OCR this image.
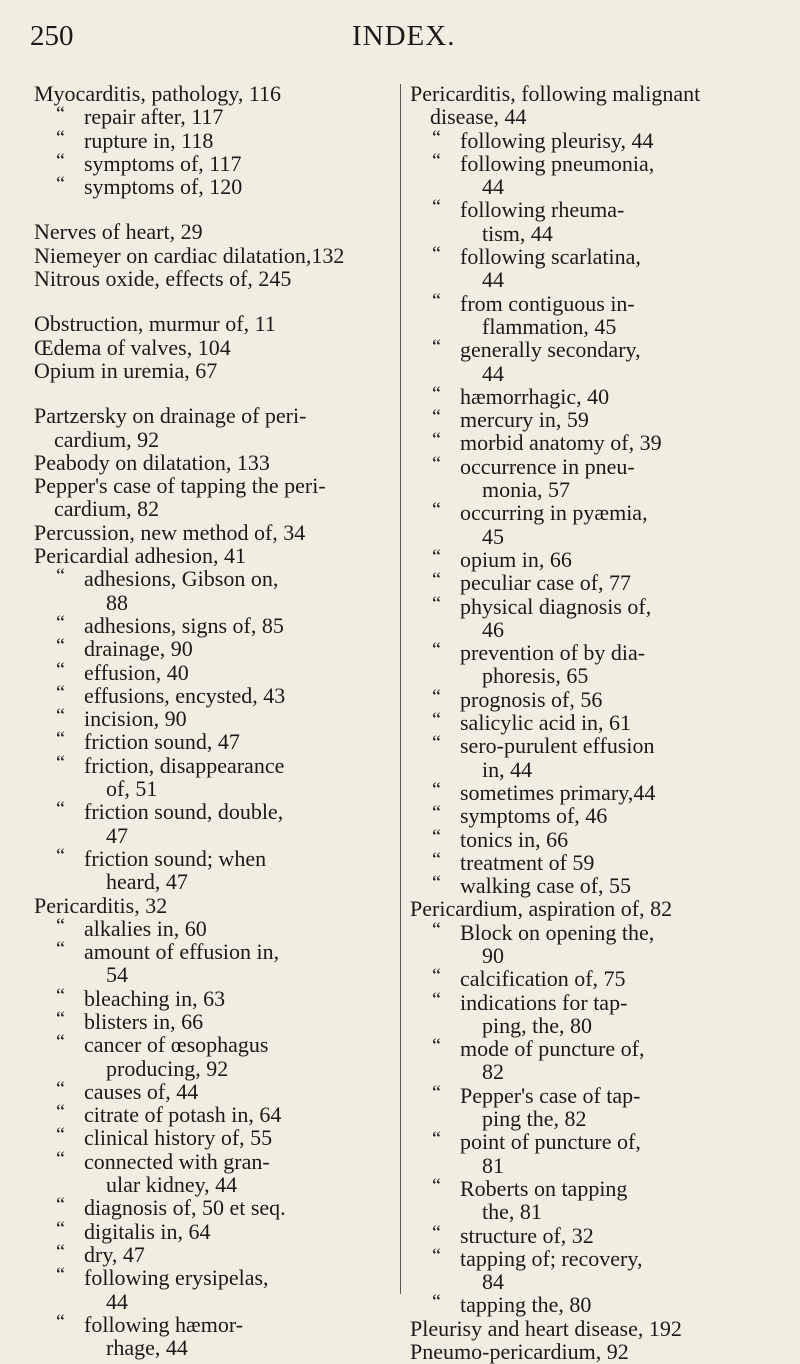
250	INDEX.
Myocarditis, pathology, 116
“ repair after, 117
“ rupture in, 118
“ symptoms of, 117
“ symptoms of, 120
Nerves of heart, 29
Niemeyer on cardiac dilatation,132
Nitrous oxide, effects of, 245
Obstruction, murmur of, 11
Œdema of valves, 104
Opium in uremia, 67
Partzersky on drainage of peri-
cardium, 92
Peabody on dilatation, 133
Pepper's case of tapping the peri-
cardium, 82
Percussion, new method of, 34
Pericardial adhesion, 41
“ adhesions, Gibson on,
88
“ adhesions, signs of, 85
“ drainage, 90
“ effusion, 40
“ effusions, encysted, 43
“ incision, 90
“ friction sound, 47
“ friction, disappearance
of, 51
“ friction sound, double,
47
“ friction sound; when
heard, 47
Pericarditis, 32
“ alkalies in, 60
“ amount of effusion in,
54
“ bleaching in, 63
“ blisters in, 66
“ cancer of œsophagus
producing, 92
“ causes of, 44
“ citrate of potash in, 64
“ clinical history of, 55
“ connected with gran-
ular kidney, 44
“ diagnosis of, 50 et seq.
“ digitalis in, 64
“ dry, 47
“ following erysipelas,
44
“ following hæmor-
rhage, 44
Pericarditis, following malignant
disease, 44
“ following pleurisy, 44
“ following pneumonia,
44
“ following rheuma-
tism, 44
“ following scarlatina,
44
“ from contiguous in-
flammation, 45
“ generally secondary,
44
“ hæmorrhagic, 40
“ mercury in, 59
“ morbid anatomy of, 39
“ occurrence in pneu-
monia, 57
“ occurring in pyæmia,
45
“ opium in, 66
“ peculiar case of, 77
“ physical diagnosis of,
46
“ prevention of by dia-
phoresis, 65
“ prognosis of, 56
“ salicylic acid in, 61
“ sero-purulent effusion
in, 44
“ sometimes primary,44
“ symptoms of, 46
“ tonics in, 66
“ treatment of 59
“ walking case of, 55
Pericardium, aspiration of, 82
“ Block on opening the,
90
“ calcification of, 75
“ indications for tap-
ping, the, 80
“ mode of puncture of,
82
“ Pepper's case of tap-
ping the, 82
“ point of puncture of,
81
“ Roberts on tapping
the, 81
“ structure of, 32
“ tapping of; recovery,
84
“ tapping the, 80
Pleurisy and heart disease, 192
Pneumo-pericardium, 92
